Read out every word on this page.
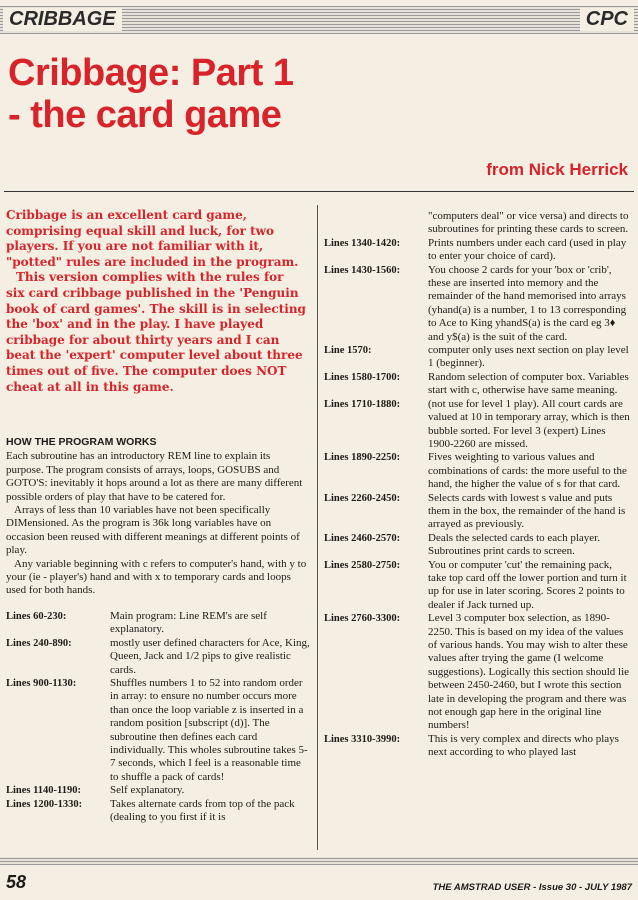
CRIBBAGE	CPC
Cribbage: Part 1
- the card game
from Nick Herrick

Cribbage is an excellent card game, comprising equal skill and luck, for two players. If you are not familiar with it, "potted" rules are included in the program.

This version complies with the rules for six card cribbage published in the 'Penguin book of card games'. The skill is in selecting the 'box' and in the play. I have played cribbage for about thirty years and I can beat the 'expert' computer level about three times out of five. The computer does NOT cheat at all in this game.

HOW THE PROGRAM WORKS

Each subroutine has an introductory REM line to explain its purpose. The program consists of arrays, loops, GOSUBS and GOTO'S: inevitably it hops around a lot as there are many different possible orders of play that have to be catered for.

Arrays of less than 10 variables have not been specifically DIMensioned. As the program is 36k long variables have on occasion been reused with different meanings at different points of play.

Any variable beginning with c refers to computer's hand, with y to your (ie - player's) hand and with x to temporary cards and loops used for both hands.

Lines 60-230:	Main program: Line REM's are self explanatory.
Lines 240-890:	mostly user defined characters for Ace, King, Queen, Jack and 1/2 pips to give realistic cards.
Lines 900-1130:	Shuffles numbers 1 to 52 into random order in array: to ensure no number occurs more than once the loop variable z is inserted in a random position [subscript (d)]. The subroutine then defines each card individually. This wholes subroutine takes 5-7 seconds, which I feel is a reasonable time to shuffle a pack of cards!
Lines 1140-1190:	Self explanatory.
Lines 1200-1330:	Takes alternate cards from top of the pack (dealing to you first if it is
"computers deal" or vice versa) and directs to subroutines for printing these cards to screen.
Lines 1340-1420:	Prints numbers under each card (used in play to enter your choice of card).
Lines 1430-1560:	You choose 2 cards for your 'box or 'crib', these are inserted into memory and the remainder of the hand memorised into arrays (yhand(a) is a number, 1 to 13 corresponding to Ace to King yhandS(a) is the card eg 3♦ and y$(a) is the suit of the card.
Line 1570:	computer only uses next section on play level 1 (beginner).
Lines 1580-1700:	Random selection of computer box. Variables start with c, otherwise have same meaning.
Lines 1710-1880:	(not use for level 1 play). All court cards are valued at 10 in temporary array, which is then bubble sorted. For level 3 (expert) Lines 1900-2260 are missed.
Lines 1890-2250:	Fives weighting to various values and combinations of cards: the more useful to the hand, the higher the value of s for that card.
Lines 2260-2450:	Selects cards with lowest s value and puts them in the box, the remainder of the hand is arrayed as previously.
Lines 2460-2570:	Deals the selected cards to each player. Subroutines print cards to screen.
Lines 2580-2750:	You or computer 'cut' the remaining pack, take top card off the lower portion and turn it up for use in later scoring. Scores 2 points to dealer if Jack turned up.
Lines 2760-3300:	Level 3 computer box selection, as 1890-2250. This is based on my idea of the values of various hands. You may wish to alter these values after trying the game (I welcome suggestions). Logically this section should lie between 2450-2460, but I wrote this section late in developing the program and there was not enough gap here in the original line numbers!
Lines 3310-3990:	This is very complex and directs who plays next according to who played last
58	THE AMSTRAD USER - Issue 30 - JULY 1987
